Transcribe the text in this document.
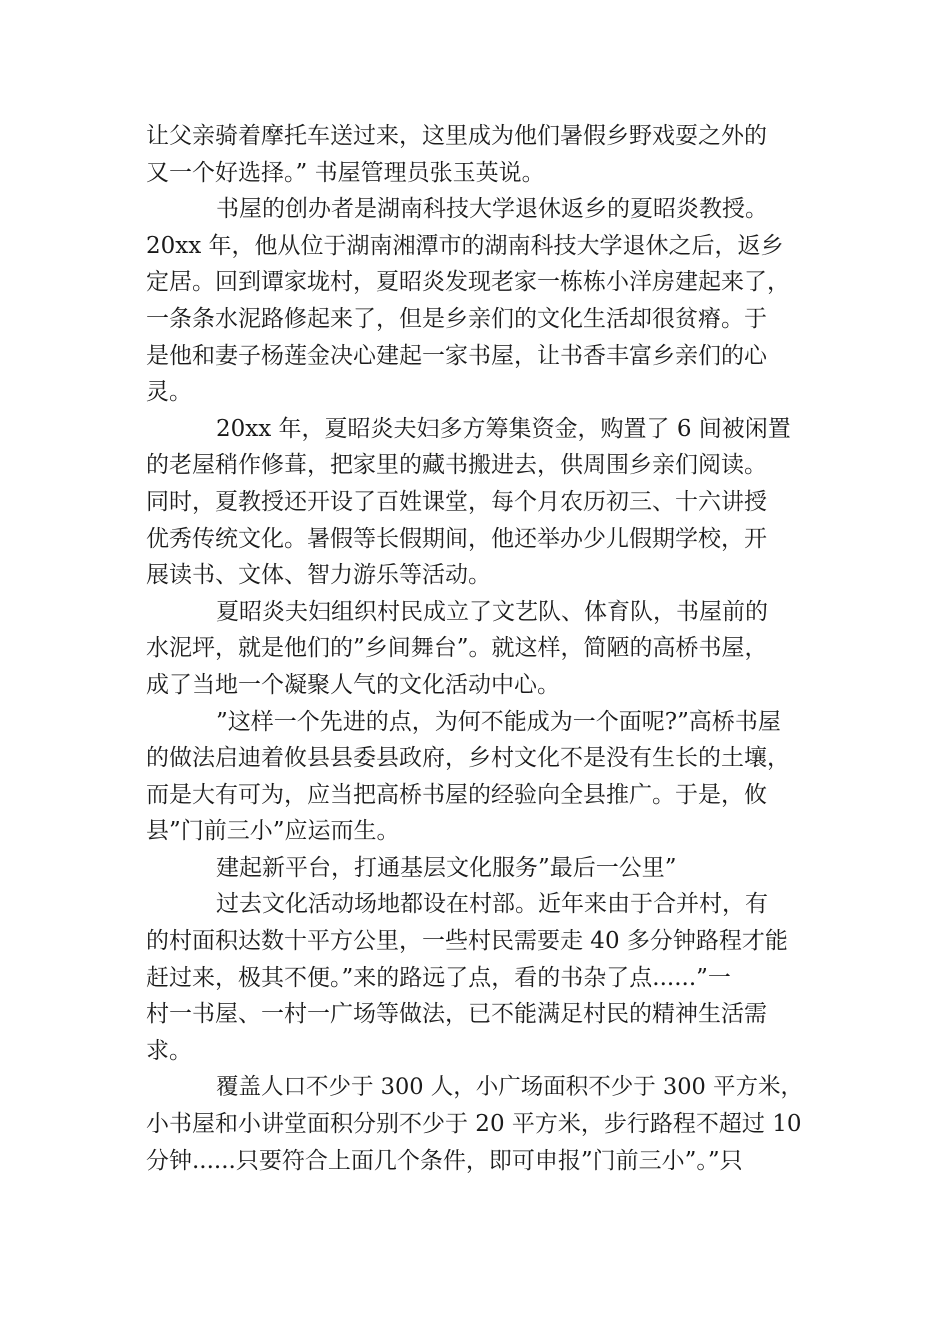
让父亲骑着摩托车送过来，这里成为他们暑假乡野戏耍之外的
又一个好选择。” 书屋管理员张玉英说。
书屋的创办者是湖南科技大学退休返乡的夏昭炎教授。
20xx 年，他从位于湖南湘潭市的湖南科技大学退休之后，返乡
定居。回到谭家垅村，夏昭炎发现老家一栋栋小洋房建起来了，
一条条水泥路修起来了，但是乡亲们的文化生活却很贫瘠。于
是他和妻子杨莲金决心建起一家书屋，让书香丰富乡亲们的心
灵。
20xx 年，夏昭炎夫妇多方筹集资金，购置了 6 间被闲置
的老屋稍作修葺，把家里的藏书搬进去，供周围乡亲们阅读。
同时，夏教授还开设了百姓课堂，每个月农历初三、十六讲授
优秀传统文化。暑假等长假期间，他还举办少儿假期学校，开
展读书、文体、智力游乐等活动。
夏昭炎夫妇组织村民成立了文艺队、体育队，书屋前的
水泥坪，就是他们的”乡间舞台”。就这样，简陋的高桥书屋，
成了当地一个凝聚人气的文化活动中心。
”这样一个先进的点，为何不能成为一个面呢?”高桥书屋
的做法启迪着攸县县委县政府，乡村文化不是没有生长的土壤，
而是大有可为，应当把高桥书屋的经验向全县推广。于是，攸
县”门前三小”应运而生。
建起新平台，打通基层文化服务”最后一公里”
过去文化活动场地都设在村部。近年来由于合并村，有
的村面积达数十平方公里，一些村民需要走 40 多分钟路程才能
赶过来，极其不便。”来的路远了点，看的书杂了点......”一
村一书屋、一村一广场等做法，已不能满足村民的精神生活需
求。
覆盖人口不少于 300 人，小广场面积不少于 300 平方米，
小书屋和小讲堂面积分别不少于 20 平方米，步行路程不超过 10
分钟......只要符合上面几个条件，即可申报”门前三小”。”只
